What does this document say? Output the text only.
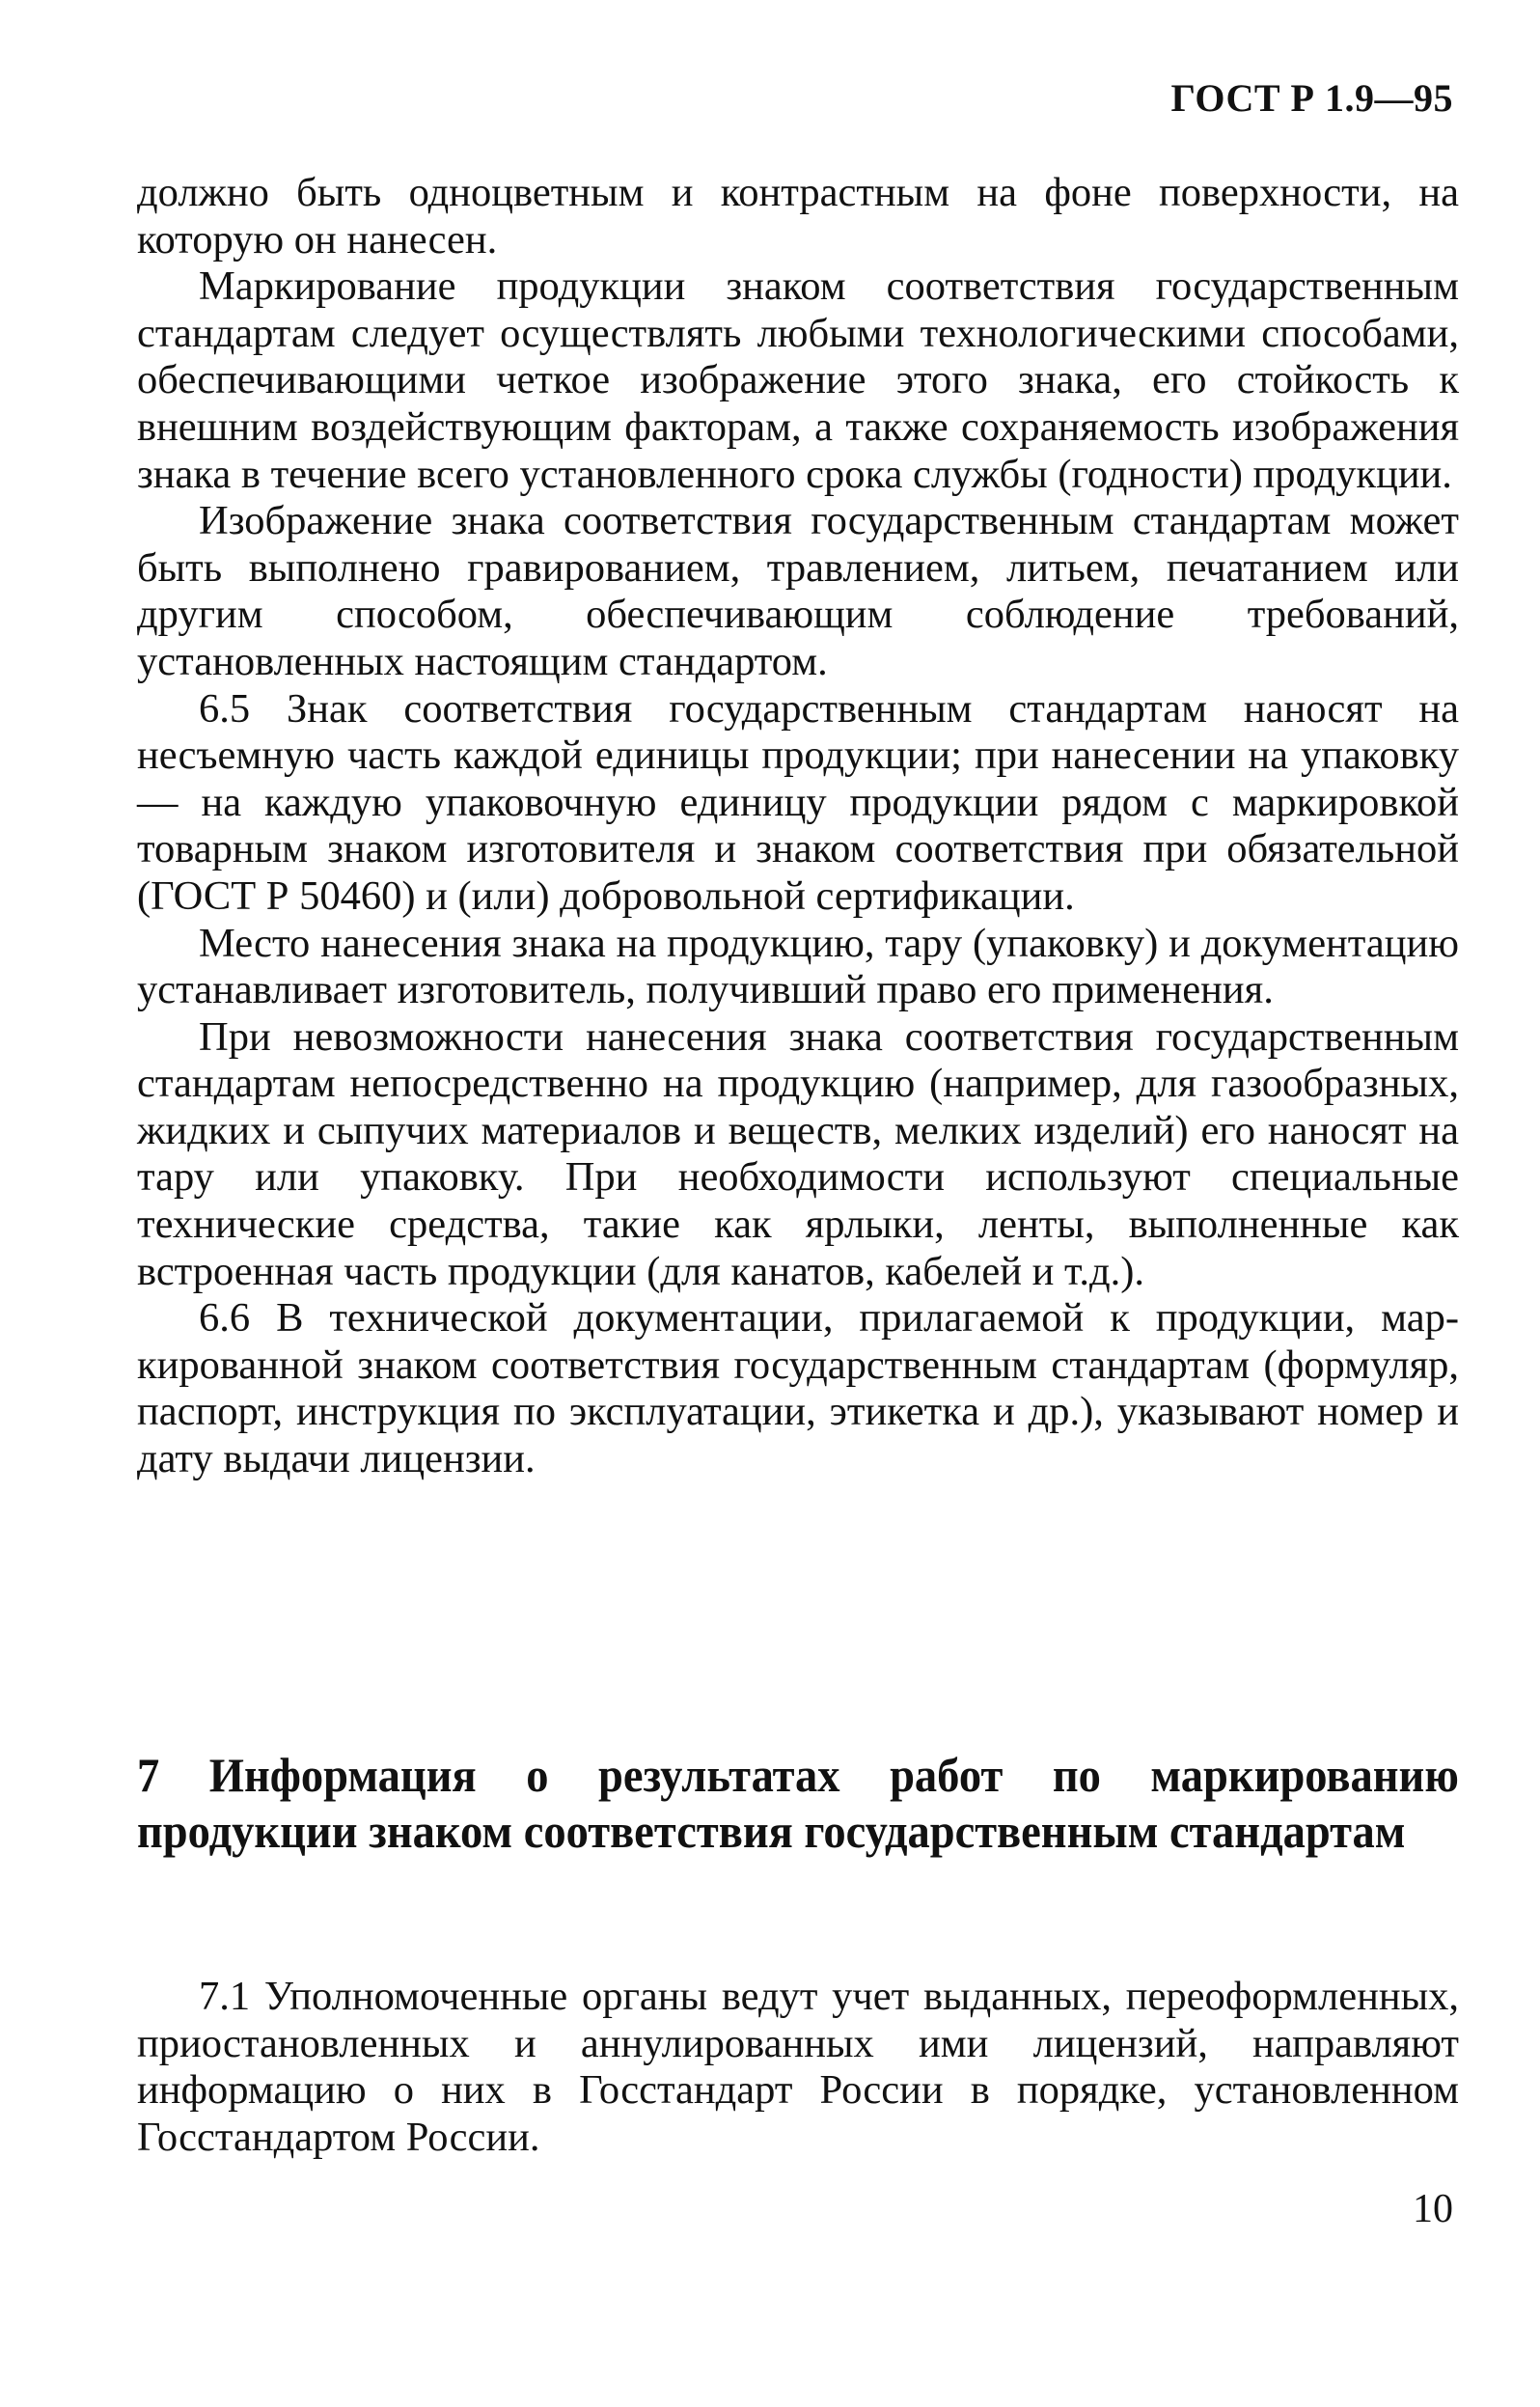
ГОСТ Р 1.9—95

должно быть одноцветным и контрастным на фоне поверхности, на которую он нанесен.

Маркирование продукции знаком соответствия государственным стандартам следует осуществлять любыми технологическими способами, обеспечивающими четкое изображение этого знака, его стойкость к внешним воздействующим факторам, а также сохраняемость изображения знака в течение всего установленного срока службы (годности) продукции.

Изображение знака соответствия государственным стандартам может быть выполнено гравированием, травлением, литьем, печатанием или другим способом, обеспечивающим соблюдение требований, установленных настоящим стандартом.

6.5 Знак соответствия государственным стандартам наносят на несъемную часть каждой единицы продукции; при нанесении на упаковку — на каждую упаковочную единицу продукции рядом с маркировкой товарным знаком изготовителя и знаком соответствия при обязательной (ГОСТ Р 50460) и (или) добровольной сертификации.

Место нанесения знака на продукцию, тару (упаковку) и документацию устанавливает изготовитель, получивший право его применения.

При невозможности нанесения знака соответствия государственным стандартам непосредственно на продукцию (например, для газообразных, жидких и сыпучих материалов и веществ, мелких изделий) его наносят на тару или упаковку. При необходимости используют специальные технические средства, такие как ярлыки, ленты, выполненные как встроенная часть продукции (для канатов, кабелей и т.д.).

6.6 В технической документации, прилагаемой к продукции, маркированной знаком соответствия государственным стандартам (формуляр, паспорт, инструкция по эксплуатации, этикетка и др.), указывают номер и дату выдачи лицензии.

7 Информация о результатах работ по маркированию продукции знаком соответствия государственным стандартам

7.1 Уполномоченные органы ведут учет выданных, переоформленных, приостановленных и аннулированных ими лицензий, направляют информацию о них в Госстандарт России в порядке, установленном Госстандартом России.

10
